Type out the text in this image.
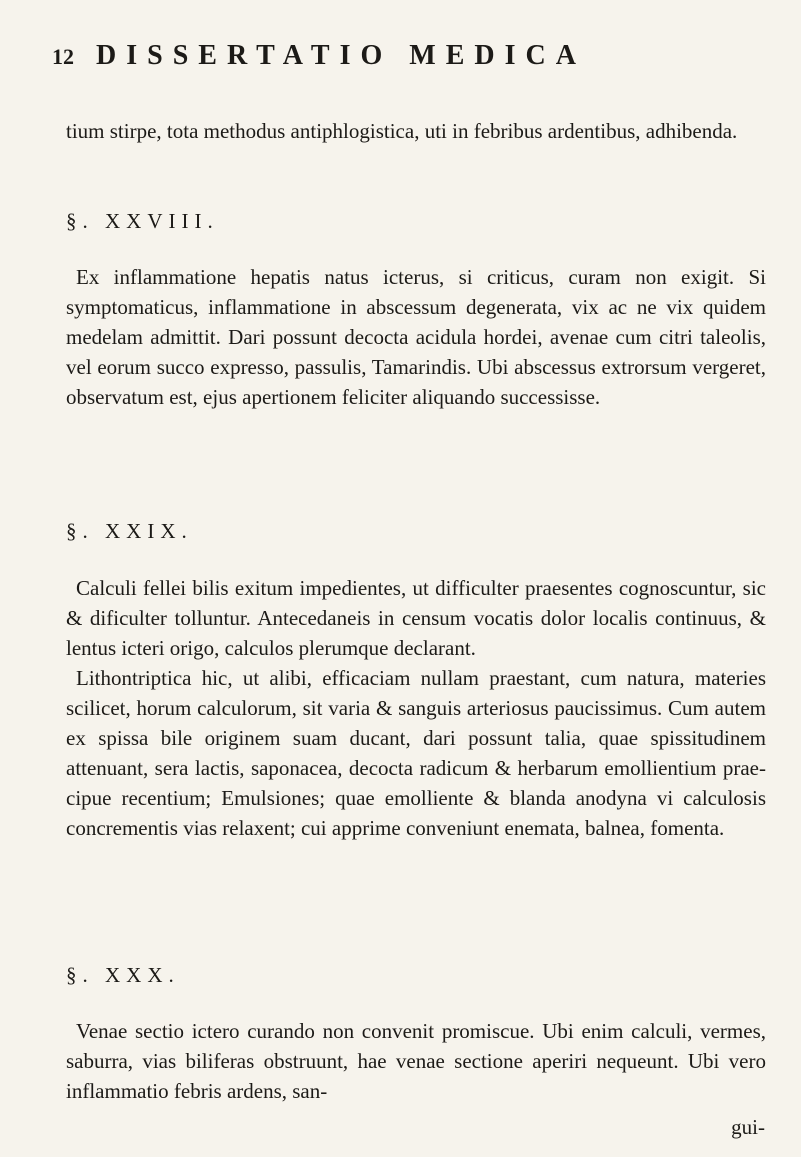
12 DISSERTATIO MEDICA

tium stirpe, tota methodus antiphlogistica, uti in febribus ardentibus, adhibenda.

§. XXVIII.

Ex inflammatione hepatis natus icterus, si criticus, curam non exigit. Si symptomaticus, inflammatione in abscessum degenerata, vix ac ne vix quidem medelam admittit. Dari possunt decocta acidula hordei, avenae cum citri taleolis, vel eorum succo expresso, passulis, Tamarindis. Ubi abscessus extrorsum vergeret, observatum est, ejus apertionem feliciter aliquando successisse.

§. XXIX.

Calculi fellei bilis exitum impedientes, ut difficulter praesentes cognoscuntur, sic & dificulter tolluntur. Antecedaneis in censum vocatis dolor localis continuus, & lentus icteri origo, calculos plerumque declarant.

Lithontriptica hic, ut alibi, efficaciam nullam praestant, cum natura, materies scilicet, horum calculorum, sit varia & sanguis arteriosus paucissimus. Cum autem ex spissa bile originem suam ducant, dari possunt talia, quae spissitudinem attenuant, sera lactis, saponacea, decocta radicum & herbarum emollientium praecipue recentium; Emulsiones; quae emolliente & blanda anodyna vi calculosis concrementis vias relaxent; cui apprime conveniunt enemata, balnea, fomenta.

§. XXX.

Venae sectio ictero curando non convenit promiscue. Ubi enim calculi, vermes, saburra, vias biliferas obstruunt, hae venae sectione aperiri nequeunt. Ubi vero inflammatio febris ardens, san-

gui-
